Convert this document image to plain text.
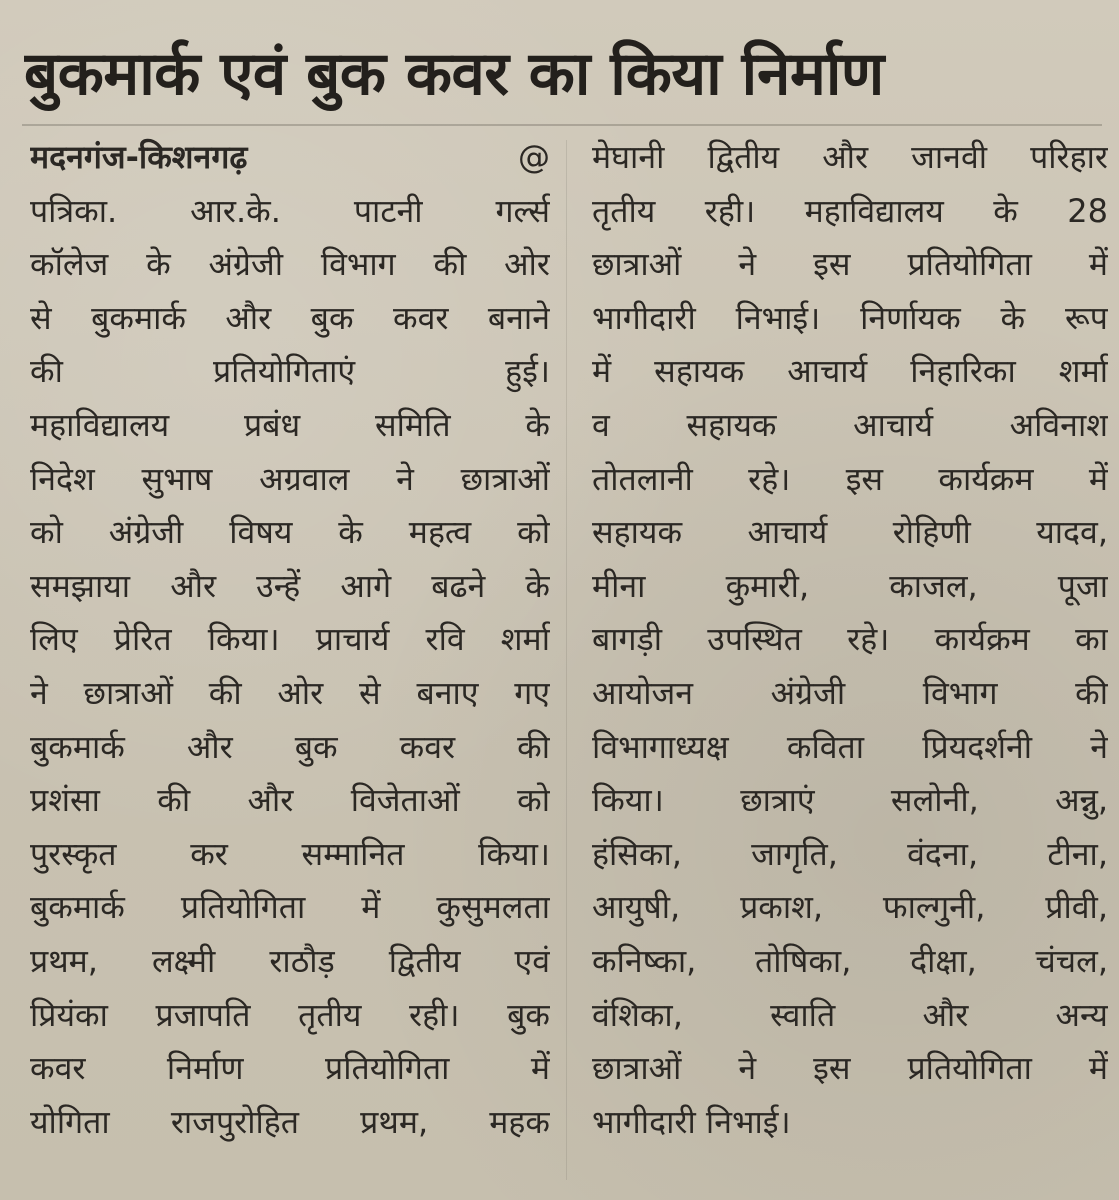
बुकमार्क एवं बुक कवर का किया निर्माण
मदनगंज-किशनगढ़	@
पत्रिका. आर.के. पाटनी गर्ल्स
कॉलेज के अंग्रेजी विभाग की ओर
से बुकमार्क और बुक कवर बनाने
की प्रतियोगिताएं हुई।
महाविद्यालय प्रबंध समिति के
निदेश सुभाष अग्रवाल ने छात्राओं
को अंग्रेजी विषय के महत्व को
समझाया और उन्हें आगे बढने के
लिए प्रेरित किया। प्राचार्य रवि शर्मा
ने छात्राओं की ओर से बनाए गए
बुकमार्क और बुक कवर की
प्रशंसा की और विजेताओं को
पुरस्कृत कर सम्मानित किया।
बुकमार्क प्रतियोगिता में कुसुमलता
प्रथम, लक्ष्मी राठौड़ द्वितीय एवं
प्रियंका प्रजापति तृतीय रही। बुक
कवर निर्माण प्रतियोगिता में
योगिता राजपुरोहित प्रथम, महक
मेघानी द्वितीय और जानवी परिहार
तृतीय रही। महाविद्यालय के 28
छात्राओं ने इस प्रतियोगिता में
भागीदारी निभाई। निर्णायक के रूप
में सहायक आचार्य निहारिका शर्मा
व सहायक आचार्य अविनाश
तोतलानी रहे। इस कार्यक्रम में
सहायक आचार्य रोहिणी यादव,
मीना कुमारी, काजल, पूजा
बागड़ी उपस्थित रहे। कार्यक्रम का
आयोजन अंग्रेजी विभाग की
विभागाध्यक्ष कविता प्रियदर्शनी ने
किया। छात्राएं सलोनी, अन्नु,
हंसिका, जागृति, वंदना, टीना,
आयुषी, प्रकाश, फाल्गुनी, प्रीवी,
कनिष्का, तोषिका, दीक्षा, चंचल,
वंशिका, स्वाति और अन्य
छात्राओं ने इस प्रतियोगिता में
भागीदारी निभाई।
